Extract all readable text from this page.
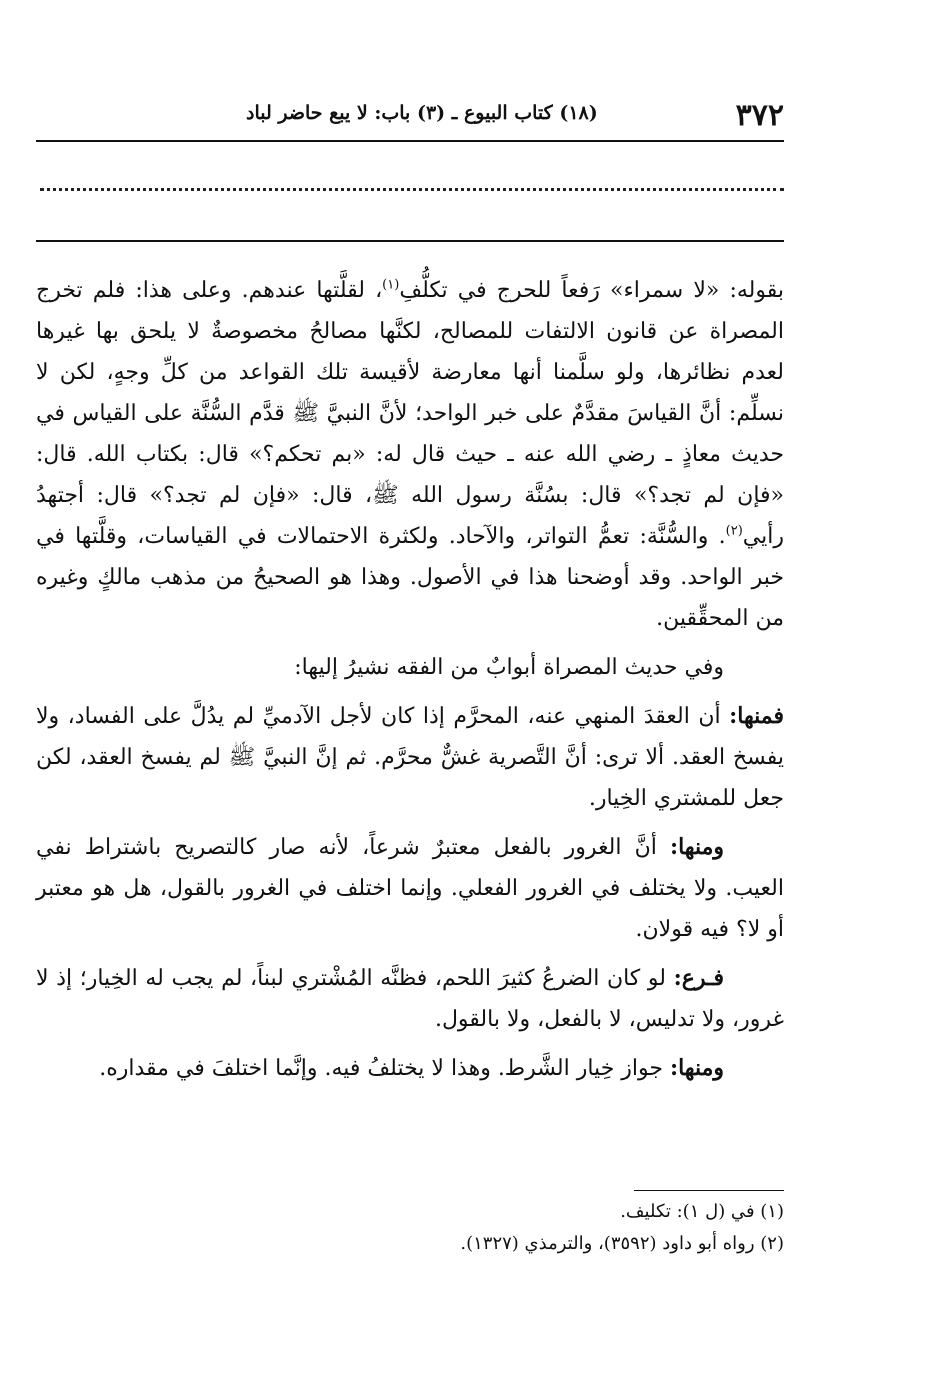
٣٧٢
(١٨) كتاب البيوع ـ (٣) باب: لا يبع حاضر لباد

بقوله: «لا سمراء» رَفعاً للحرج في تكلُّفِ$^{(١)}$، لقلَّتها عندهم. وعلى هذا: فلم تخرج المصراة عن قانون الالتفات للمصالح، لكنَّها مصالحُ مخصوصةٌ لا يلحق بها غيرها لعدم نظائرها، ولو سلَّمنا أنها معارضة لأقيسة تلك القواعد من كلِّ وجهٍ، لكن لا نسلِّم: أنَّ القياسَ مقدَّمٌ على خبر الواحد؛ لأنَّ النبيَّ ﷺ قدَّم السُّنَّة على القياس في حديث معاذٍ ـ رضي الله عنه ـ حيث قال له: «بم تحكم؟» قال: بكتاب الله. قال: «فإن لم تجد؟» قال: بسُنَّة رسول الله ﷺ، قال: «فإن لم تجد؟» قال: أجتهدُ رأيي$^{(٢)}$. والسُّنَّة: تعمُّ التواتر، والآحاد. ولكثرة الاحتمالات في القياسات، وقلَّتها في خبر الواحد. وقد أوضحنا هذا في الأصول. وهذا هو الصحيحُ من مذهب مالكٍ وغيره من المحقِّقين.

وفي حديث المصراة أبوابٌ من الفقه نشيرُ إليها:

فمنها: أن العقدَ المنهي عنه، المحرَّم إذا كان لأجل الآدميِّ لم يدُلَّ على الفساد، ولا يفسخ العقد. ألا ترى: أنَّ التَّصرية غشٌّ محرَّم. ثم إنَّ النبيَّ ﷺ لم يفسخ العقد، لكن جعل للمشتري الخِيار.

ومنها: أنَّ الغرور بالفعل معتبرٌ شرعاً، لأنه صار كالتصريح باشتراط نفي العيب. ولا يختلف في الغرور الفعلي. وإنما اختلف في الغرور بالقول، هل هو معتبر أو لا؟ فيه قولان.

فـرع: لو كان الضرعُ كثيرَ اللحم، فظنَّه المُشْتري لبناً، لم يجب له الخِيار؛ إذ لا غرور، ولا تدليس، لا بالفعل، ولا بالقول.

ومنها: جواز خِيار الشَّرط. وهذا لا يختلفُ فيه. وإنَّما اختلفَ في مقداره.

(١) في (ل ١): تكليف.
(٢) رواه أبو داود (٣٥٩٢)، والترمذي (١٣٢٧).
